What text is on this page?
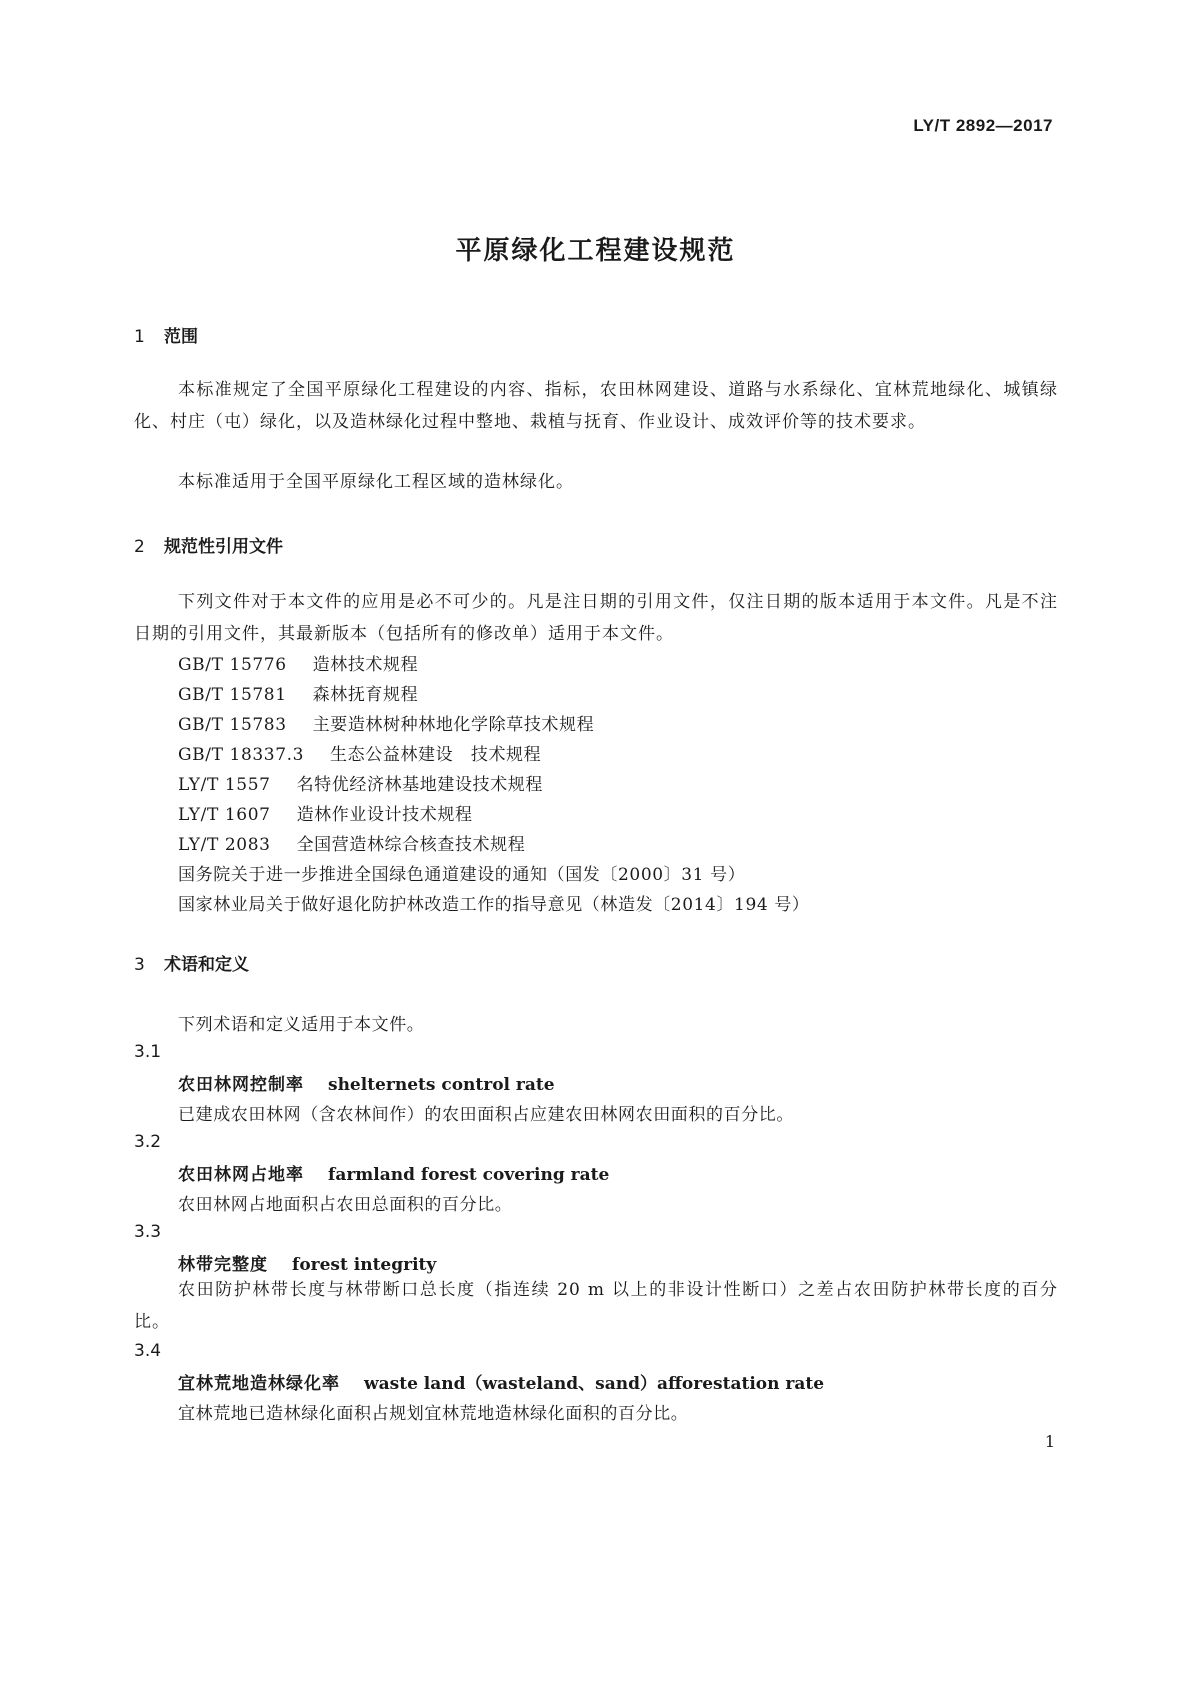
LY/T 2892—2017
平原绿化工程建设规范
1 范围
本标准规定了全国平原绿化工程建设的内容、指标，农田林网建设、道路与水系绿化、宜林荒地绿化、城镇绿化、村庄（屯）绿化，以及造林绿化过程中整地、栽植与抚育、作业设计、成效评价等的技术要求。
本标准适用于全国平原绿化工程区域的造林绿化。
2 规范性引用文件
下列文件对于本文件的应用是必不可少的。凡是注日期的引用文件，仅注日期的版本适用于本文件。凡是不注日期的引用文件，其最新版本（包括所有的修改单）适用于本文件。
GB/T 15776 造林技术规程
GB/T 15781 森林抚育规程
GB/T 15783 主要造林树种林地化学除草技术规程
GB/T 18337.3 生态公益林建设　技术规程
LY/T 1557 名特优经济林基地建设技术规程
LY/T 1607 造林作业设计技术规程
LY/T 2083 全国营造林综合核查技术规程
国务院关于进一步推进全国绿色通道建设的通知（国发〔2000〕31 号）
国家林业局关于做好退化防护林改造工作的指导意见（林造发〔2014〕194 号）
3 术语和定义
下列术语和定义适用于本文件。
3.1
农田林网控制率 shelternets control rate
已建成农田林网（含农林间作）的农田面积占应建农田林网农田面积的百分比。
3.2
农田林网占地率 farmland forest covering rate
农田林网占地面积占农田总面积的百分比。
3.3
林带完整度 forest integrity
农田防护林带长度与林带断口总长度（指连续 20 m 以上的非设计性断口）之差占农田防护林带长度的百分比。
3.4
宜林荒地造林绿化率 waste land（wasteland、sand）afforestation rate
宜林荒地已造林绿化面积占规划宜林荒地造林绿化面积的百分比。
1
